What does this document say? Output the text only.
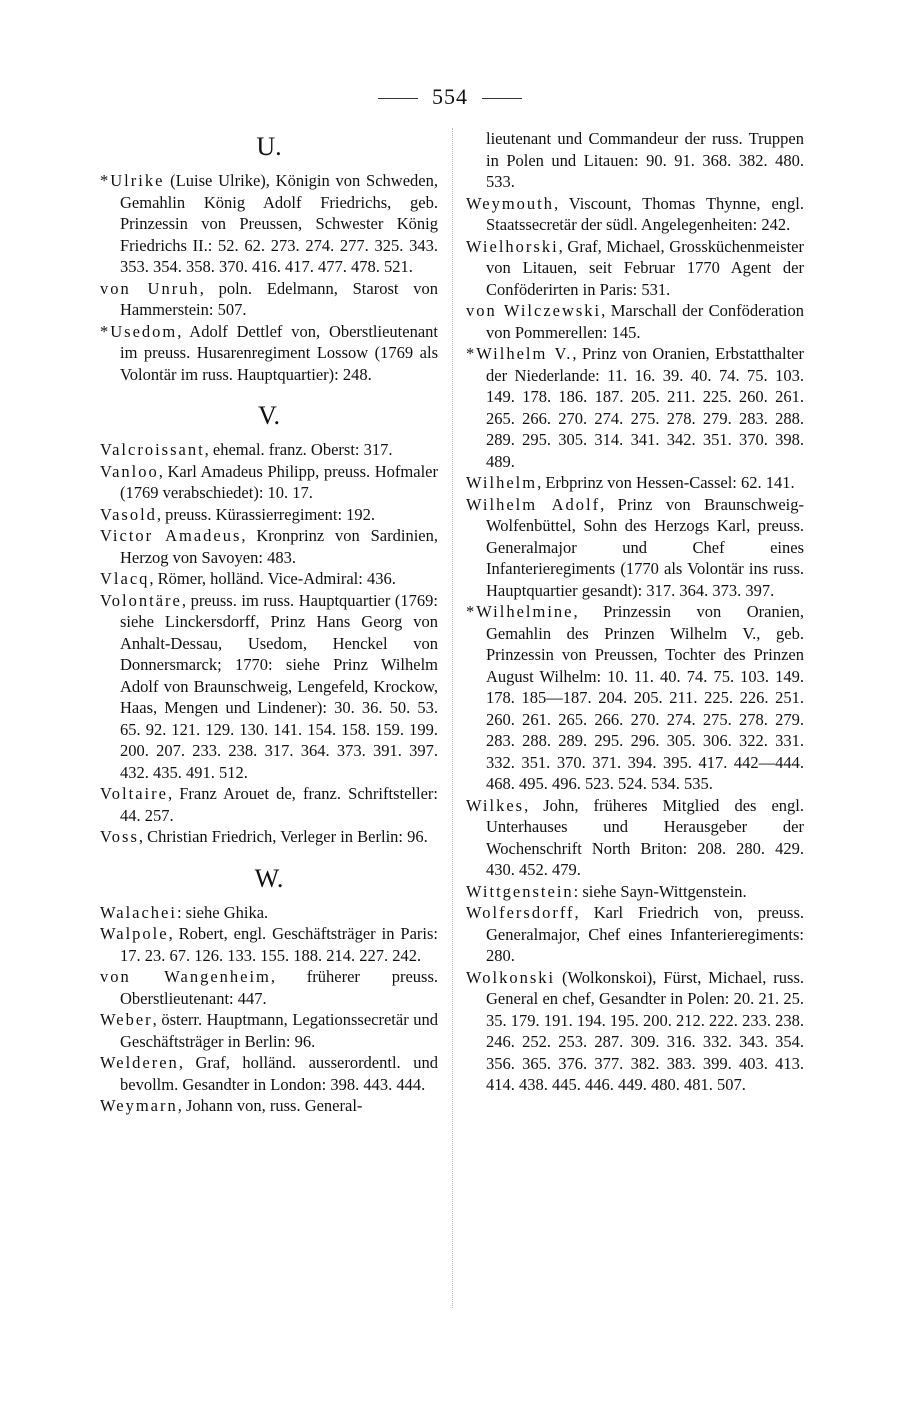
554
U.

*Ulrike (Luise Ulrike), Königin von Schweden, Gemahlin König Adolf Friedrichs, geb. Prinzessin von Preussen, Schwester König Friedrichs II.: 52. 62. 273. 274. 277. 325. 343. 353. 354. 358. 370. 416. 417. 477. 478. 521.

von Unruh, poln. Edelmann, Starost von Hammerstein: 507.

*Usedom, Adolf Dettlef von, Oberstlieutenant im preuss. Husarenregiment Lossow (1769 als Volontär im russ. Hauptquartier): 248.

V.

Valcroissant, ehemal. franz. Oberst: 317.

Vanloo, Karl Amadeus Philipp, preuss. Hofmaler (1769 verabschiedet): 10. 17.

Vasold, preuss. Kürassierregiment: 192.

Victor Amadeus, Kronprinz von Sardinien, Herzog von Savoyen: 483.

Vlacq, Römer, holländ. Vice-Admiral: 436.

Volontäre, preuss. im russ. Hauptquartier (1769: siehe Linckersdorff, Prinz Hans Georg von Anhalt-Dessau, Usedom, Henckel von Donnersmarck; 1770: siehe Prinz Wilhelm Adolf von Braunschweig, Lengefeld, Krockow, Haas, Mengen und Lindener): 30. 36. 50. 53. 65. 92. 121. 129. 130. 141. 154. 158. 159. 199. 200. 207. 233. 238. 317. 364. 373. 391. 397. 432. 435. 491. 512.

Voltaire, Franz Arouet de, franz. Schriftsteller: 44. 257.

Voss, Christian Friedrich, Verleger in Berlin: 96.

W.

Walachei: siehe Ghika.

Walpole, Robert, engl. Geschäftsträger in Paris: 17. 23. 67. 126. 133. 155. 188. 214. 227. 242.

von Wangenheim, früherer preuss. Oberstlieutenant: 447.

Weber, österr. Hauptmann, Legationssecretär und Geschäftsträger in Berlin: 96.

Welderen, Graf, holländ. ausserordentl. und bevollm. Gesandter in London: 398. 443. 444.

Weymarn, Johann von, russ. General-

lieutenant und Commandeur der russ. Truppen in Polen und Litauen: 90. 91. 368. 382. 480. 533.

Weymouth, Viscount, Thomas Thynne, engl. Staatssecretär der südl. Angelegenheiten: 242.

Wielhorski, Graf, Michael, Grossküchenmeister von Litauen, seit Februar 1770 Agent der Conföderirten in Paris: 531.

von Wilczewski, Marschall der Conföderation von Pommerellen: 145.

*Wilhelm V., Prinz von Oranien, Erbstatthalter der Niederlande: 11. 16. 39. 40. 74. 75. 103. 149. 178. 186. 187. 205. 211. 225. 260. 261. 265. 266. 270. 274. 275. 278. 279. 283. 288. 289. 295. 305. 314. 341. 342. 351. 370. 398. 489.

Wilhelm, Erbprinz von Hessen-Cassel: 62. 141.

Wilhelm Adolf, Prinz von Braunschweig-Wolfenbüttel, Sohn des Herzogs Karl, preuss. Generalmajor und Chef eines Infanterieregiments (1770 als Volontär ins russ. Hauptquartier gesandt): 317. 364. 373. 397.

*Wilhelmine, Prinzessin von Oranien, Gemahlin des Prinzen Wilhelm V., geb. Prinzessin von Preussen, Tochter des Prinzen August Wilhelm: 10. 11. 40. 74. 75. 103. 149. 178. 185—187. 204. 205. 211. 225. 226. 251. 260. 261. 265. 266. 270. 274. 275. 278. 279. 283. 288. 289. 295. 296. 305. 306. 322. 331. 332. 351. 370. 371. 394. 395. 417. 442—444. 468. 495. 496. 523. 524. 534. 535.

Wilkes, John, früheres Mitglied des engl. Unterhauses und Herausgeber der Wochenschrift North Briton: 208. 280. 429. 430. 452. 479.

Wittgenstein: siehe Sayn-Wittgenstein.

Wolfersdorff, Karl Friedrich von, preuss. Generalmajor, Chef eines Infanterieregiments: 280.

Wolkonski (Wolkonskoi), Fürst, Michael, russ. General en chef, Gesandter in Polen: 20. 21. 25. 35. 179. 191. 194. 195. 200. 212. 222. 233. 238. 246. 252. 253. 287. 309. 316. 332. 343. 354. 356. 365. 376. 377. 382. 383. 399. 403. 413. 414. 438. 445. 446. 449. 480. 481. 507.
